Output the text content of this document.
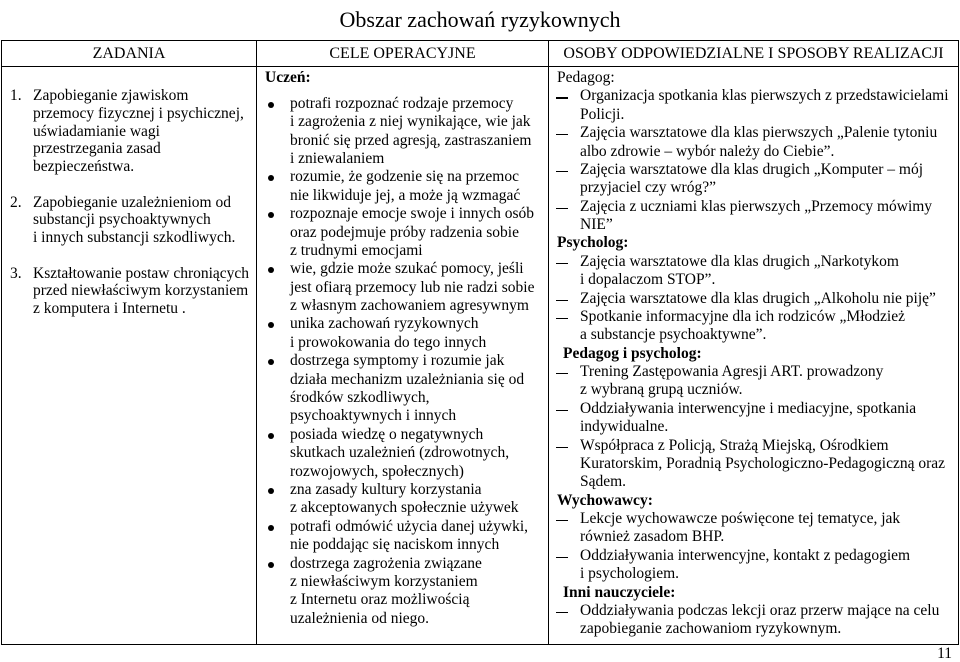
Obszar zachowań ryzykownych
ZADANIA	CELE OPERACYJNE	OSOBY ODPOWIEDZIALNE I SPOSOBY REALIZACJI
1. Zapobieganie zjawiskom
przemocy fizycznej i psychicznej,
uświadamianie wagi
przestrzegania zasad
bezpieczeństwa.
2. Zapobieganie uzależnieniom od
substancji psychoaktywnych
i innych substancji szkodliwych.
3. Kształtowanie postaw chroniących
przed niewłaściwym korzystaniem
z komputera i Internetu .
Uczeń:
potrafi rozpoznać rodzaje przemocy
i zagrożenia z niej wynikające, wie jak
bronić się przed agresją, zastraszaniem
i zniewalaniem
rozumie, że godzenie się na przemoc
nie likwiduje jej, a może ją wzmagać
rozpoznaje emocje swoje i innych osób
oraz podejmuje próby radzenia sobie
z trudnymi emocjami
wie, gdzie może szukać pomocy, jeśli
jest ofiarą przemocy lub nie radzi sobie
z własnym zachowaniem agresywnym
unika zachowań ryzykownych
i prowokowania do tego innych
dostrzega symptomy i rozumie jak
działa mechanizm uzależniania się od
środków szkodliwych,
psychoaktywnych i innych
posiada wiedzę o negatywnych
skutkach uzależnień (zdrowotnych,
rozwojowych, społecznych)
zna zasady kultury korzystania
z akceptowanych społecznie używek
potrafi odmówić użycia danej używki,
nie poddając się naciskom innych
dostrzega zagrożenia związane
z niewłaściwym korzystaniem
z Internetu oraz możliwością
uzależnienia od niego.
Pedagog:
Organizacja spotkania klas pierwszych z przedstawicielami
Policji.
Zajęcia warsztatowe dla klas pierwszych „Palenie tytoniu
albo zdrowie – wybór należy do Ciebie”.
Zajęcia warsztatowe dla klas drugich „Komputer – mój
przyjaciel czy wróg?”
Zajęcia z uczniami klas pierwszych „Przemocy mówimy
NIE”
Psycholog:
Zajęcia warsztatowe dla klas drugich „Narkotykom
i dopalaczom STOP”.
Zajęcia warsztatowe dla klas drugich „Alkoholu nie piję”
Spotkanie informacyjne dla ich rodziców „Młodzież
a substancje psychoaktywne”.
Pedagog i psycholog:
Trening Zastępowania Agresji ART. prowadzony
z wybraną grupą uczniów.
Oddziaływania interwencyjne i mediacyjne, spotkania
indywidualne.
Współpraca z Policją, Strażą Miejską, Ośrodkiem
Kuratorskim, Poradnią Psychologiczno-Pedagogiczną oraz
Sądem.
Wychowawcy:
Lekcje wychowawcze poświęcone tej tematyce, jak
również zasadom BHP.
Oddziaływania interwencyjne, kontakt z pedagogiem
i psychologiem.
Inni nauczyciele:
Oddziaływania podczas lekcji oraz przerw mające na celu
zapobieganie zachowaniom ryzykownym.
11
